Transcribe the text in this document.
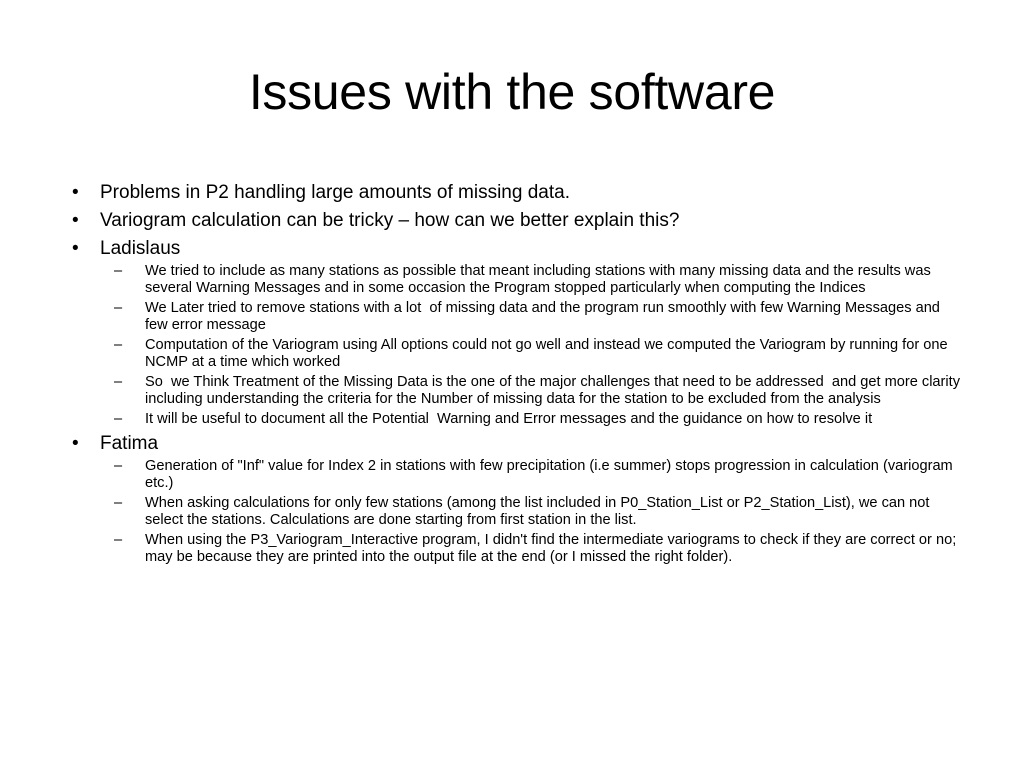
Issues with the software
•	Problems in P2 handling large amounts of missing data.
•	Variogram calculation can be tricky – how can we better explain this?
•	Ladislaus
– We tried to include as many stations as possible that meant including stations with many missing data and the results was several Warning Messages and in some occasion the Program stopped particularly when computing the Indices
– We Later tried to remove stations with a lot  of missing data and the program run smoothly with few Warning Messages and few error message
– Computation of the Variogram using All options could not go well and instead we computed the Variogram by running for one NCMP at a time which worked
– So  we Think Treatment of the Missing Data is the one of the major challenges that need to be addressed  and get more clarity including understanding the criteria for the Number of missing data for the station to be excluded from the analysis
– It will be useful to document all the Potential  Warning and Error messages and the guidance on how to resolve it
•	Fatima
– Generation of "Inf" value for Index 2 in stations with few precipitation (i.e summer) stops progression in calculation (variogram etc.)
– When asking calculations for only few stations (among the list included in P0_Station_List or P2_Station_List), we can not select the stations. Calculations are done starting from first station in the list.
– When using the P3_Variogram_Interactive program, I didn't find the intermediate variograms to check if they are correct or no; may be because they are printed into the output file at the end (or I missed the right folder).
